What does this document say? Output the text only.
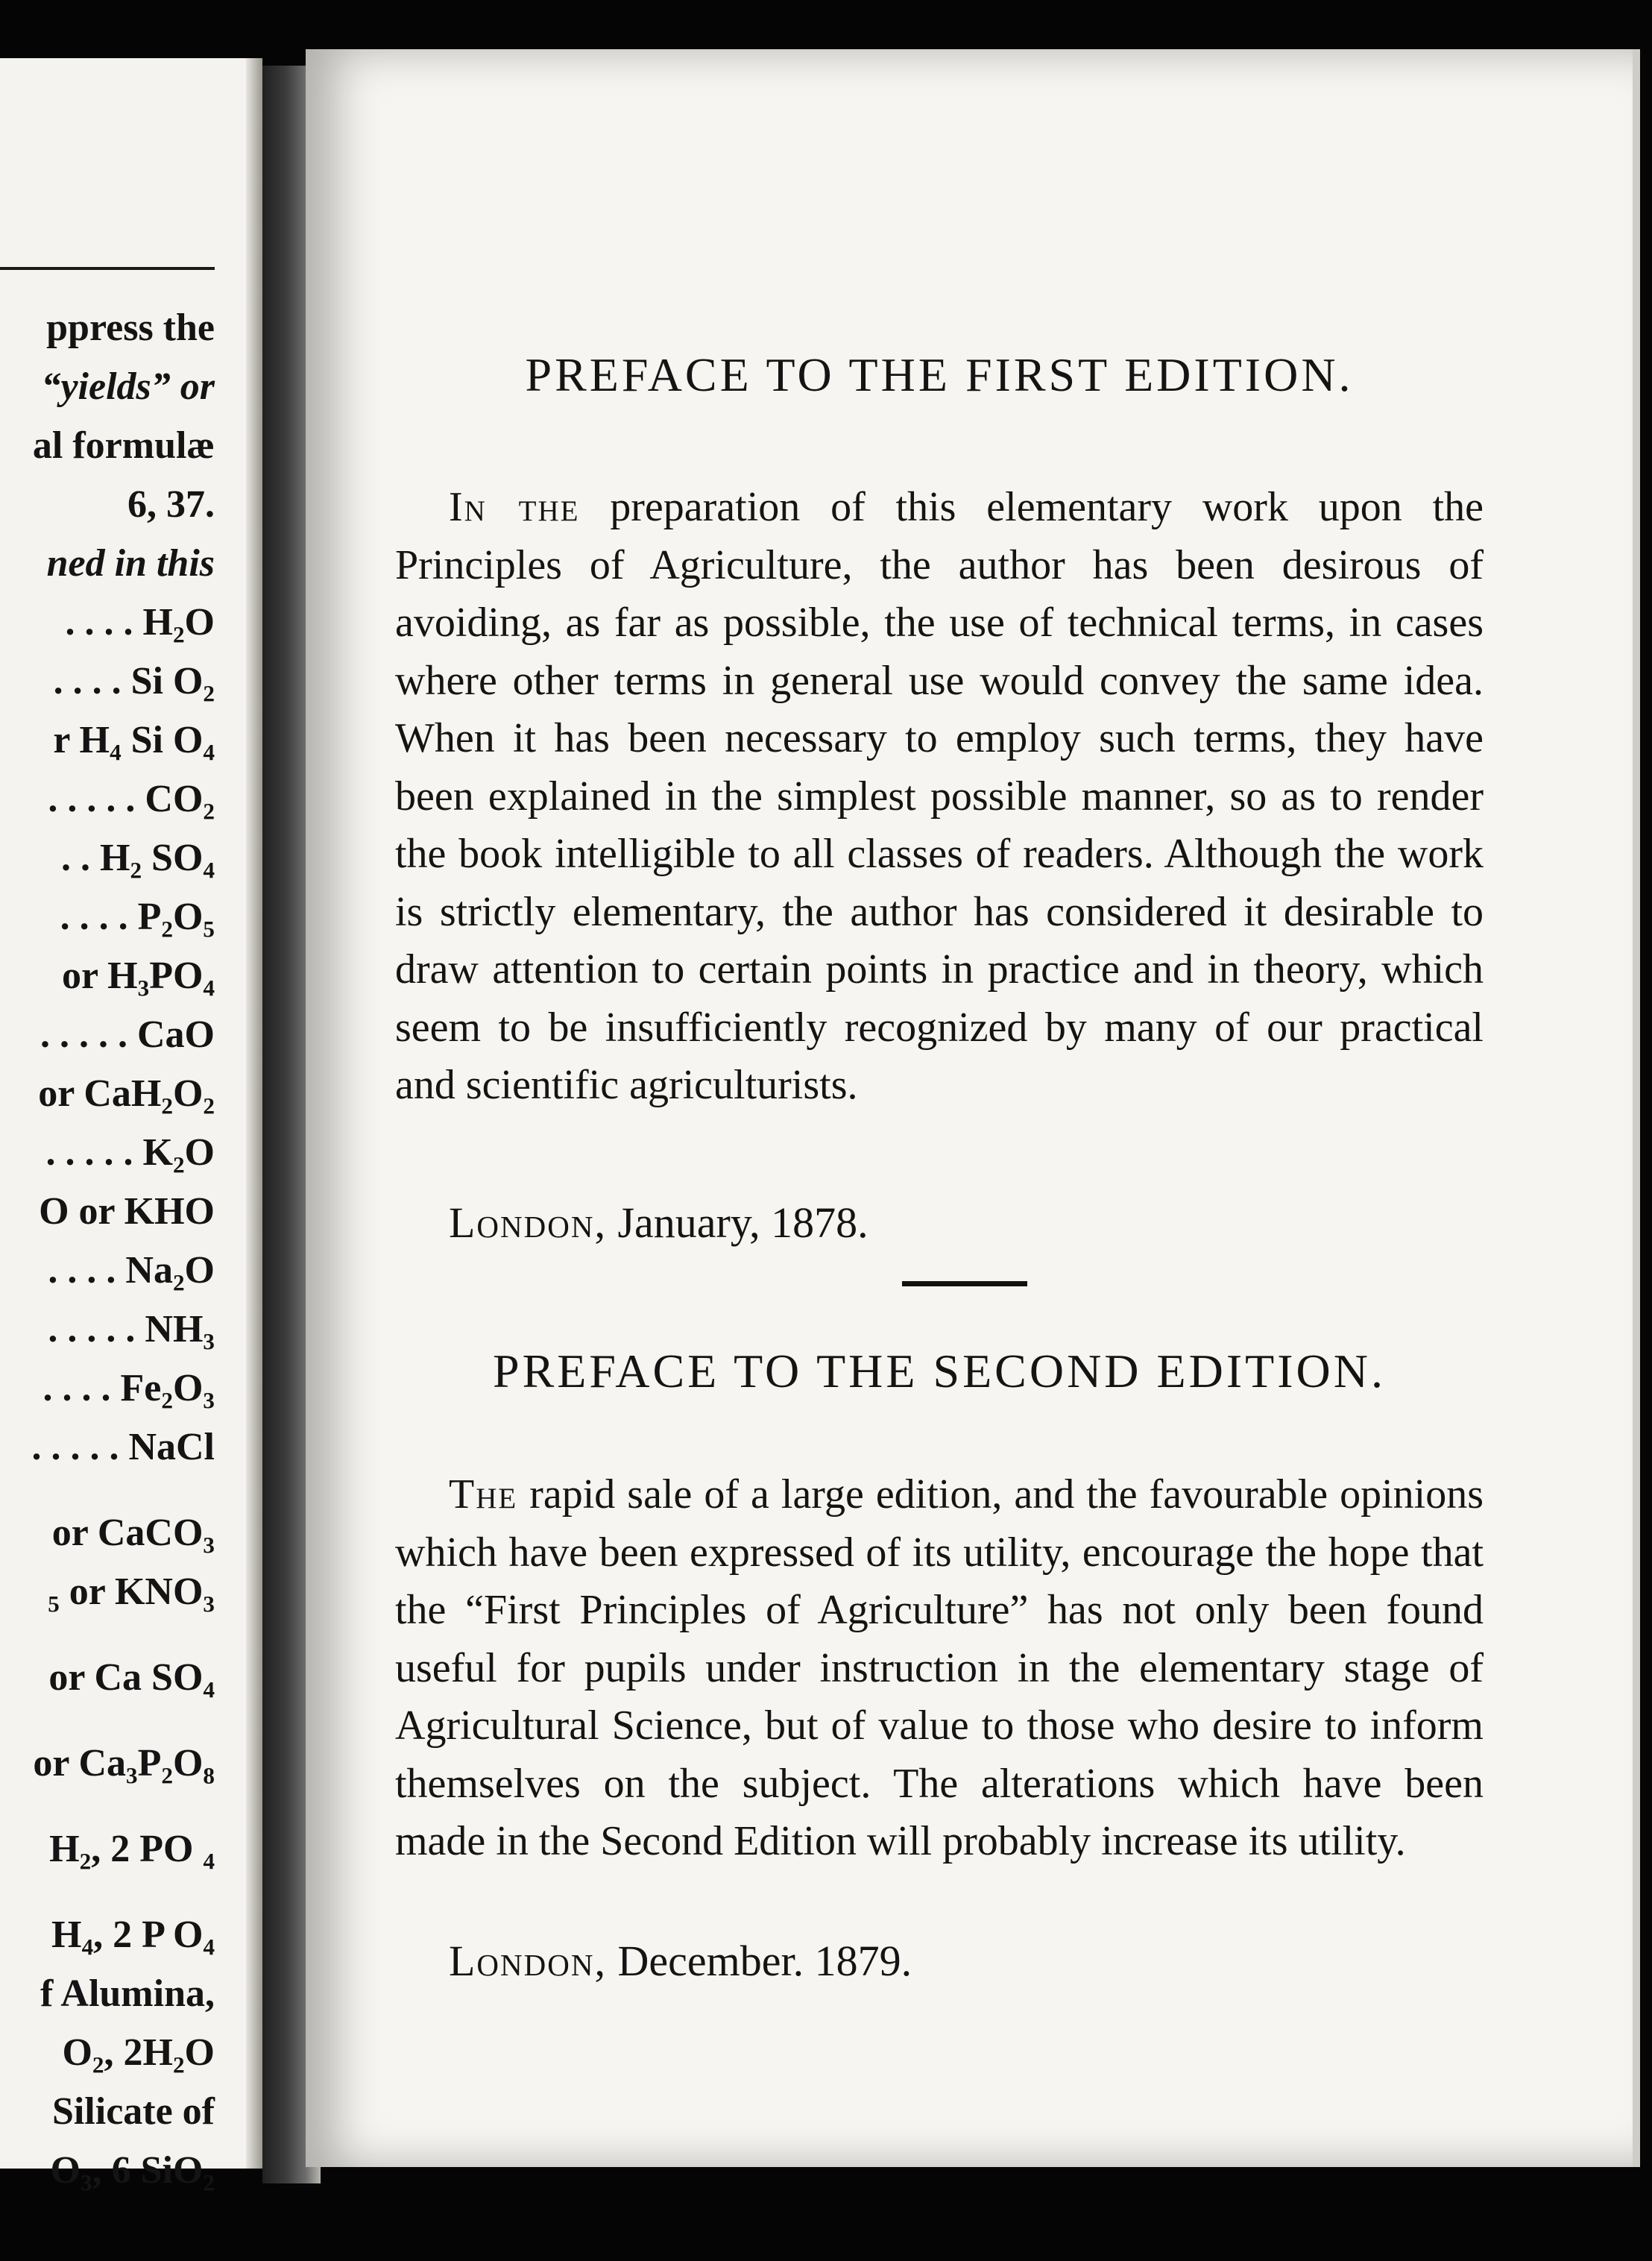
ppress the
“yields” or
al formulæ
6, 37.
ned in this
. . . . H₂O
. . . . Si O₂
r H₄ Si O₄
. . . . . CO₂
. . H₂ SO₄
. . . . P₂O₅
or H₃PO₄
. . . . . CaO
or CaH₂O₂
. . . . . K₂O
O or KHO
. . . . Na₂O
. . . . . NH₃
. . . . Fe₂O₃
. . . . . NaCl
or CaCO₃
₅ or KNO₃
or Ca SO₄
or Ca₃P₂O₈
H₂, 2 PO ₄
H₄, 2 P O₄
f Alumina,
O₂, 2H₂O
Silicate of
O₃, 6 SiO₂
PREFACE TO THE FIRST EDITION.

In the preparation of this elementary work upon the Principles of Agriculture, the author has been desirous of avoiding, as far as possible, the use of technical terms, in cases where other terms in general use would convey the same idea. When it has been necessary to employ such terms, they have been explained in the simplest possible manner, so as to render the book intelligible to all classes of readers. Although the work is strictly elementary, the author has considered it desirable to draw attention to certain points in practice and in theory, which seem to be insufficiently recognized by many of our practical and scientific agriculturists.

London, January, 1878.
PREFACE TO THE SECOND EDITION.

The rapid sale of a large edition, and the favourable opinions which have been expressed of its utility, encourage the hope that the “First Principles of Agriculture” has not only been found useful for pupils under instruction in the elementary stage of Agricultural Science, but of value to those who desire to inform themselves on the subject. The alterations which have been made in the Second Edition will probably increase its utility.

London, December. 1879.
